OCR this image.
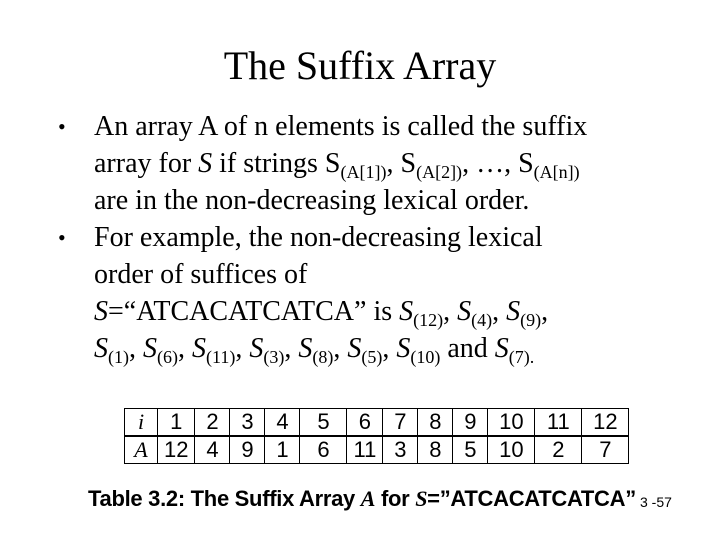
The Suffix Array
•	An array A of n elements is called the suffix
array for S if strings $S_{(A[1])}$, $S_{(A[2])}$, …, $S_{(A[n])}$
are in the non-decreasing lexical order.
•	For example, the non-decreasing lexical
order of suffices of
S=“ATCACATCATCA” is $S_{(12)}$, $S_{(4)}$, $S_{(9)}$,
$S_{(1)}$, $S_{(6)}$, $S_{(11)}$, $S_{(3)}$, $S_{(8)}$, $S_{(5)}$, $S_{(10)}$ and $S_{(7).}$
i	1	2	3	4	5	6	7	8	9	10	11	12
A	12	4	9	1	6	11	3	8	5	10	2	7
Table 3.2: The Suffix Array A for S=”ATCACATCATCA” 3 -57
